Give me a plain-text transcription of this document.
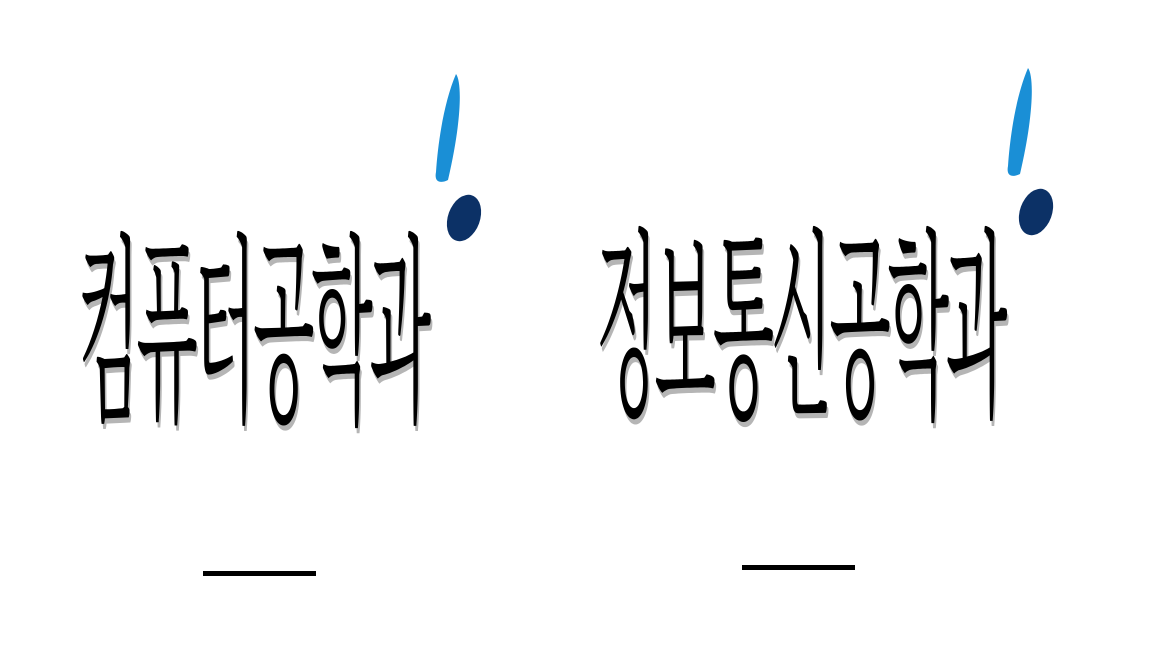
컴퓨터공학과 정보통신공학과
